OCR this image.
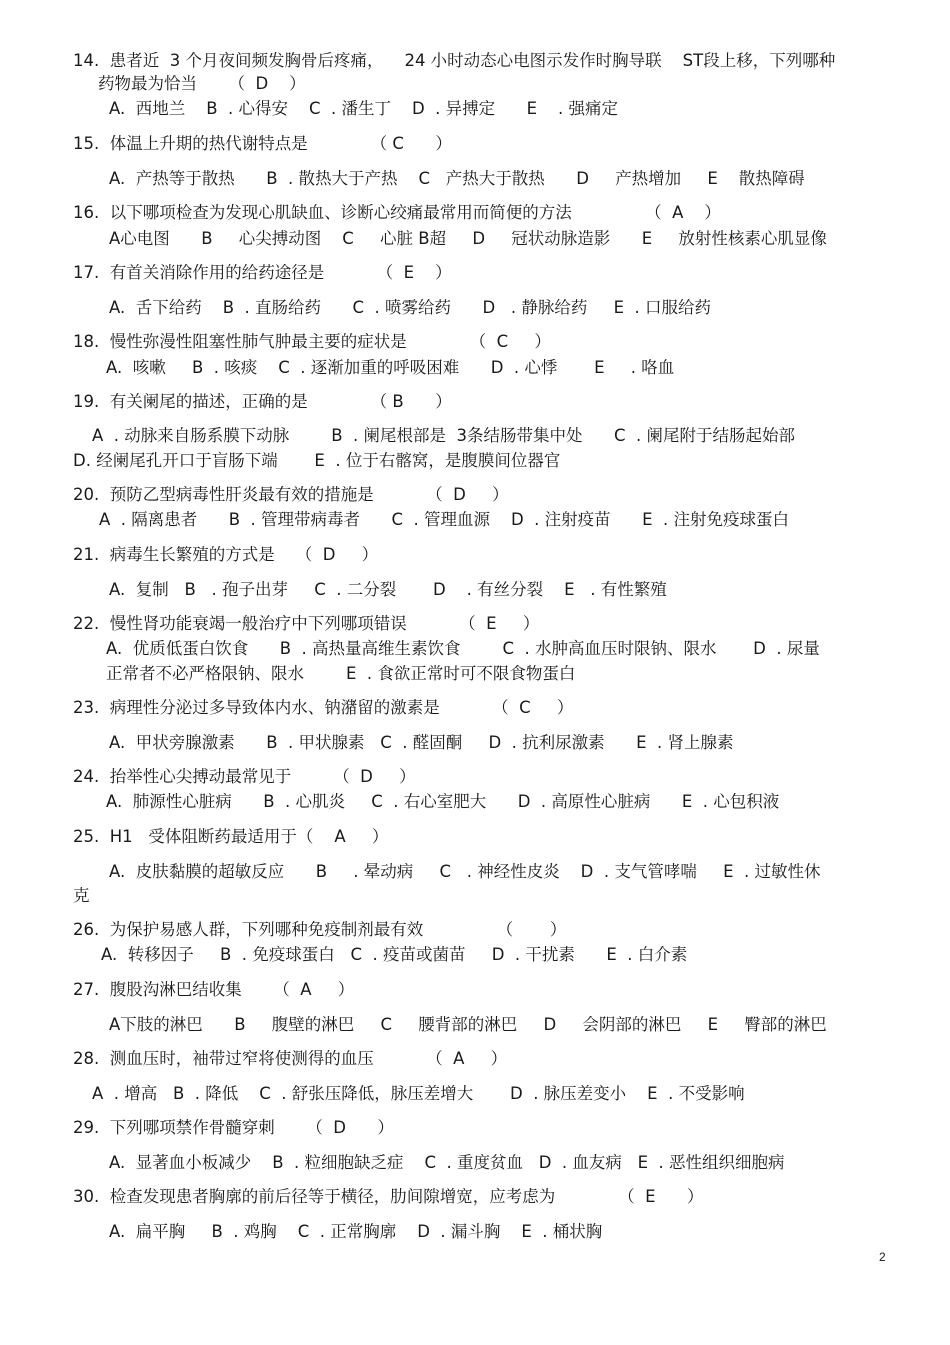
14.  患者近  3 个月夜间频发胸骨后疼痛，    24 小时动态心电图示发作时胸导联    ST段上移，下列哪种
药物最为恰当      （  D    ）
A.  西地兰    B  . 心得安    C  . 潘生丁    D  . 异搏定      E    . 强痛定
15.  体温上升期的热代谢特点是            （ C      ）
A.  产热等于散热      B  . 散热大于产热    C   产热大于散热      D     产热增加     E    散热障碍
16.  以下哪项检查为发现心肌缺血、诊断心绞痛最常用而简便的方法              （  A    ）
A心电图      B     心尖搏动图    C     心脏 B超     D     冠状动脉造影      E     放射性核素心肌显像
17.  有首关消除作用的给药途径是          （  E    ）
A.  舌下给药    B  . 直肠给药      C  . 喷雾给药      D   . 静脉给药     E  . 口服给药
18.  慢性弥漫性阻塞性肺气肿最主要的症状是            （  C     ）
A.  咳嗽     B  . 咳痰    C  . 逐渐加重的呼吸困难      D  . 心悸       E     . 咯血
19.  有关阑尾的描述，正确的是            （ B      ）
A  . 动脉来自肠系膜下动脉        B  . 阑尾根部是  3条结肠带集中处      C  . 阑尾附于结肠起始部
D. 经阑尾孔开口于盲肠下端       E  . 位于右髂窝，是腹膜间位器官
20.  预防乙型病毒性肝炎最有效的措施是          （  D     ）
A  . 隔离患者      B  . 管理带病毒者      C  . 管理血源    D  . 注射疫苗      E  . 注射免疫球蛋白
21.  病毒生长繁殖的方式是    （  D     ）
A.  复制   B   . 孢子出芽     C  . 二分裂       D    . 有丝分裂    E   . 有性繁殖
22.  慢性肾功能衰竭一般治疗中下列哪项错误          （  E     ）
A.  优质低蛋白饮食      B  . 高热量高维生素饮食        C  . 水肿高血压时限钠、限水       D  . 尿量
正常者不必严格限钠、限水        E  . 食欲正常时可不限食物蛋白
23.  病理性分泌过多导致体内水、钠潴留的激素是          （  C     ）
A.  甲状旁腺激素      B  . 甲状腺素   C  . 醛固酮     D  . 抗利尿激素      E  . 肾上腺素
24.  抬举性心尖搏动最常见于        （  D     ）
A.  肺源性心脏病      B  . 心肌炎     C  . 右心室肥大      D  . 高原性心脏病      E  . 心包积液
25.  H1   受体阻断药最适用于（    A     ）
A.  皮肤黏膜的超敏反应      B     . 晕动病     C   . 神经性皮炎    D  . 支气管哮喘     E  . 过敏性休
克
26.  为保护易感人群，下列哪种免疫制剂最有效              （       ）
A.  转移因子     B  . 免疫球蛋白   C  . 疫苗或菌苗     D  . 干扰素      E  . 白介素
27.  腹股沟淋巴结收集      （  A     ）
A下肢的淋巴      B     腹壁的淋巴     C     腰背部的淋巴     D     会阴部的淋巴     E     臀部的淋巴
28.  测血压时，袖带过窄将使测得的血压          （  A     ）
A  . 增高   B  . 降低    C  . 舒张压降低，脉压差增大       D  . 脉压差变小    E  . 不受影响
29.  下列哪项禁作骨髓穿刺      （  D      ）
A.  显著血小板减少    B  . 粒细胞缺乏症    C  . 重度贫血   D  . 血友病   E  . 恶性组织细胞病
30.  检查发现患者胸廓的前后径等于横径，肋间隙增宽，应考虑为            （  E      ）
A.  扁平胸     B  . 鸡胸    C  . 正常胸廓    D  . 漏斗胸    E  . 桶状胸
2
